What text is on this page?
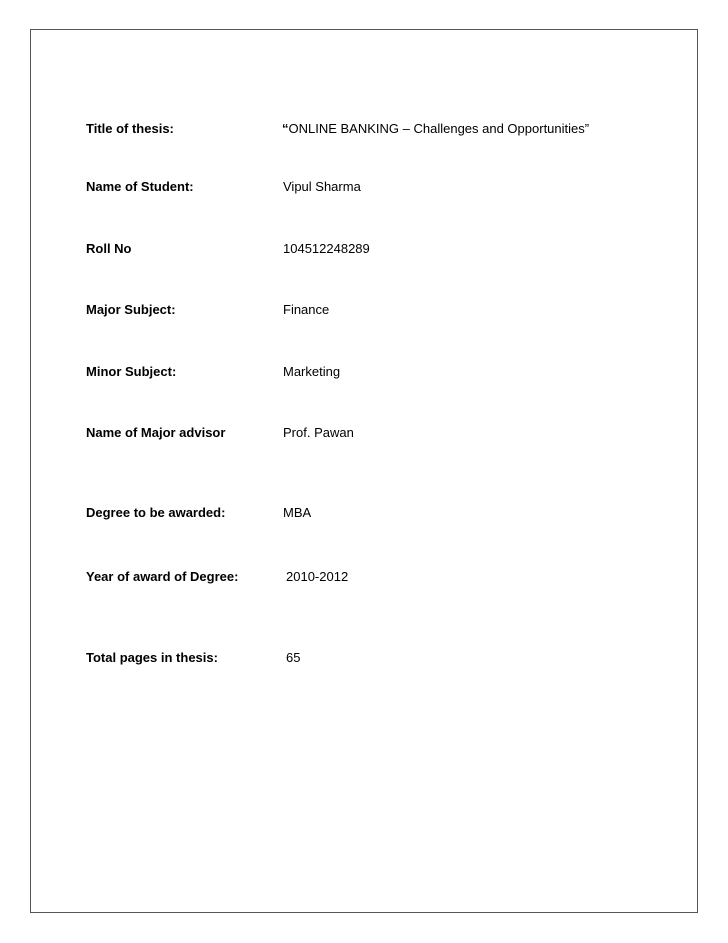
Title of thesis:	“ONLINE BANKING – Challenges and Opportunities”
Name of Student:	Vipul Sharma
Roll No	104512248289
Major Subject:	Finance
Minor Subject:	Marketing
Name of Major advisor	Prof. Pawan
Degree to be awarded:	MBA
Year of award of Degree:	2010-2012
Total pages in thesis:	65
